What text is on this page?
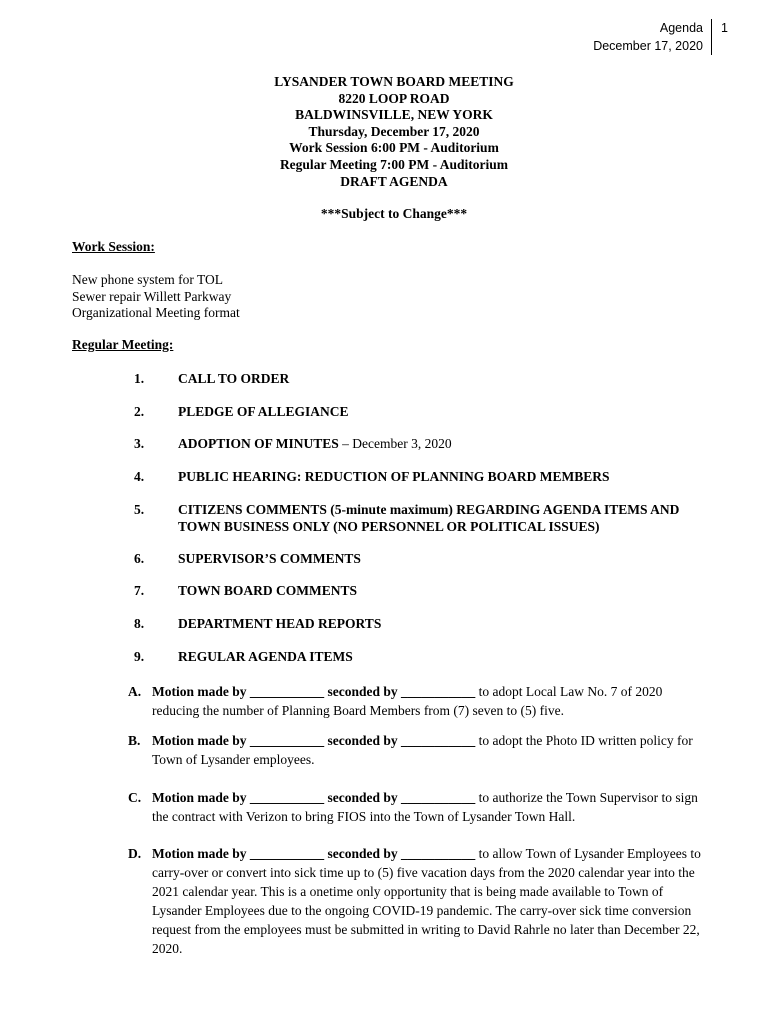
Agenda
December 17, 2020
1
LYSANDER TOWN BOARD MEETING
8220 LOOP ROAD
BALDWINSVILLE, NEW YORK
Thursday, December 17, 2020
Work Session 6:00 PM - Auditorium
Regular Meeting 7:00 PM - Auditorium
DRAFT AGENDA
***Subject to Change***
Work Session:
New phone system for TOL
Sewer repair Willett Parkway
Organizational Meeting format
Regular Meeting:
1.	CALL TO ORDER
2.	PLEDGE OF ALLEGIANCE
3.	ADOPTION OF MINUTES – December 3, 2020
4.	PUBLIC HEARING: REDUCTION OF PLANNING BOARD MEMBERS
5.	CITIZENS COMMENTS (5-minute maximum) REGARDING AGENDA ITEMS AND TOWN BUSINESS ONLY (NO PERSONNEL OR POLITICAL ISSUES)
6.	SUPERVISOR’S COMMENTS
7.	TOWN BOARD COMMENTS
8.	DEPARTMENT HEAD REPORTS
9.	REGULAR AGENDA ITEMS
A. Motion made by ___________ seconded by ___________ to adopt Local Law No. 7 of 2020 reducing the number of Planning Board Members from (7) seven to (5) five.
B. Motion made by ___________ seconded by ___________ to adopt the Photo ID written policy for Town of Lysander employees.
C. Motion made by ___________ seconded by ___________ to authorize the Town Supervisor to sign the contract with Verizon to bring FIOS into the Town of Lysander Town Hall.
D. Motion made by ___________ seconded by ___________ to allow Town of Lysander Employees to carry-over or convert into sick time up to (5) five vacation days from the 2020 calendar year into the 2021 calendar year. This is a onetime only opportunity that is being made available to Town of Lysander Employees due to the ongoing COVID-19 pandemic. The carry-over sick time conversion request from the employees must be submitted in writing to David Rahrle no later than December 22, 2020.
